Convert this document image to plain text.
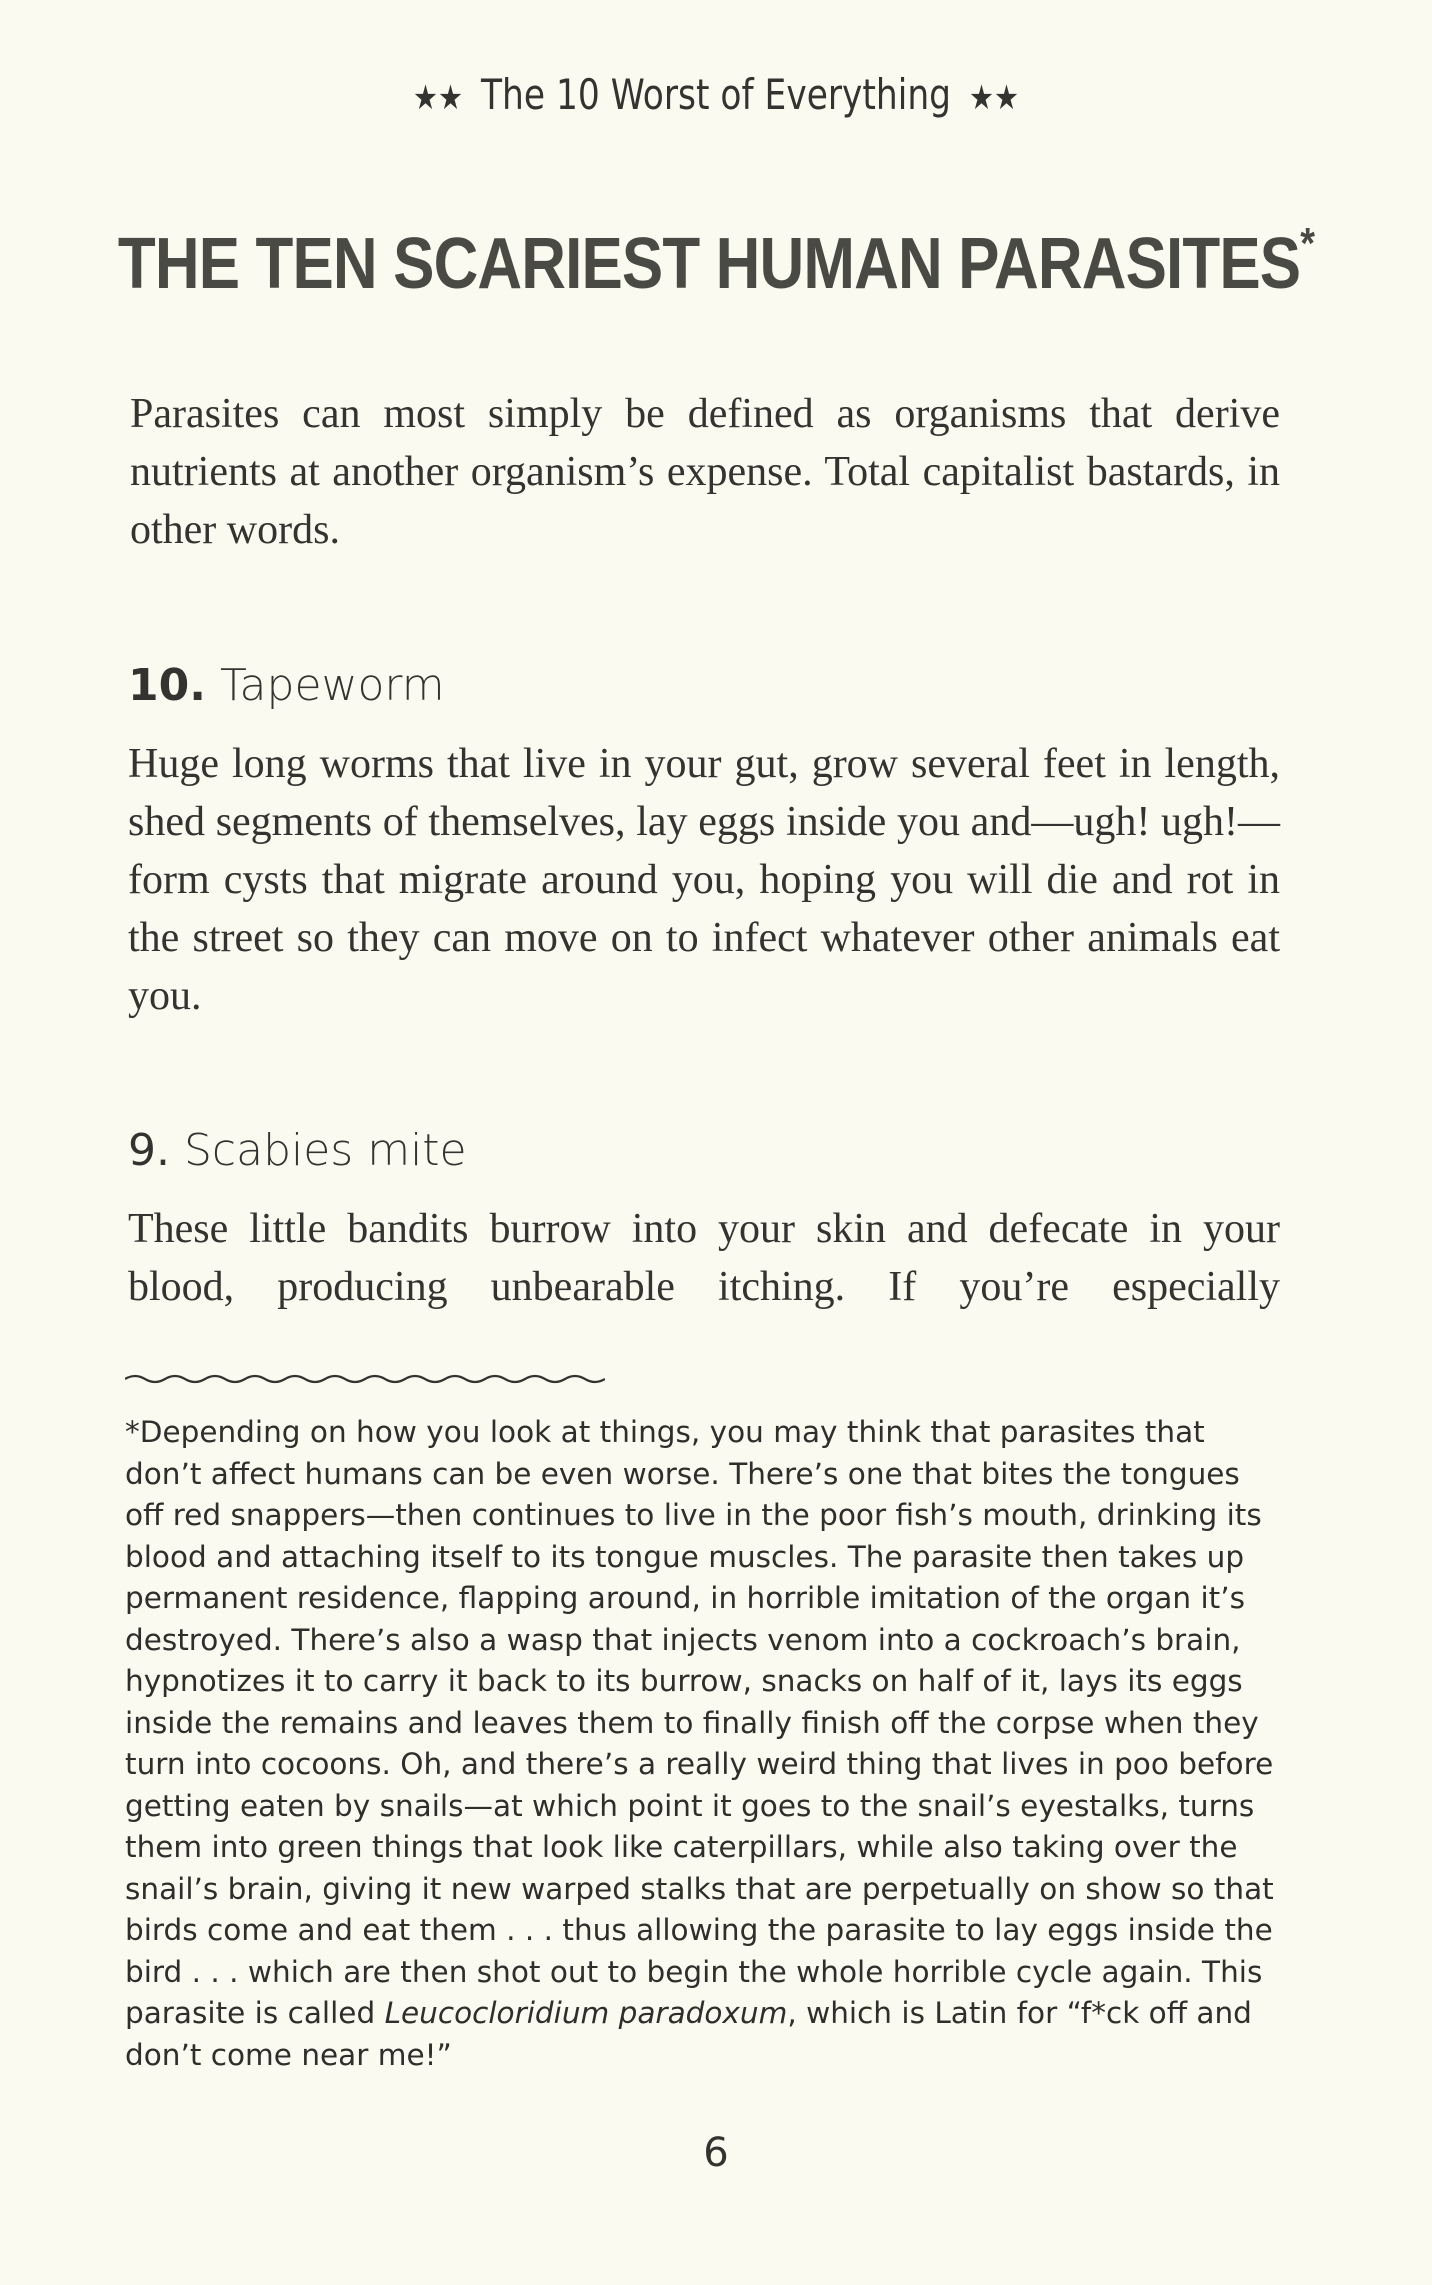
★★ The 10 Worst of Everything ★★
THE TEN SCARIEST HUMAN PARASITES*

Parasites can most simply be defined as organisms that derive nutrients at another organism’s expense. Total capitalist bastards, in other words.

10. Tapeworm

Huge long worms that live in your gut, grow several feet in length, shed segments of themselves, lay eggs inside you and—ugh! ugh!—form cysts that migrate around you, hoping you will die and rot in the street so they can move on to infect whatever other animals eat you.

9. Scabies mite

These little bandits burrow into your skin and defecate in your blood, producing unbearable itching. If you’re especially

*Depending on how you look at things, you may think that parasites that don’t affect humans can be even worse. There’s one that bites the tongues off red snappers—then continues to live in the poor fish’s mouth, drinking its blood and attaching itself to its tongue muscles. The parasite then takes up permanent residence, flapping around, in horrible imitation of the organ it’s destroyed. There’s also a wasp that injects venom into a cockroach’s brain, hypnotizes it to carry it back to its burrow, snacks on half of it, lays its eggs inside the remains and leaves them to finally finish off the corpse when they turn into cocoons. Oh, and there’s a really weird thing that lives in poo before getting eaten by snails—at which point it goes to the snail’s eyestalks, turns them into green things that look like caterpillars, while also taking over the snail’s brain, giving it new warped stalks that are perpetually on show so that birds come and eat them . . . thus allowing the parasite to lay eggs inside the bird . . . which are then shot out to begin the whole horrible cycle again. This parasite is called Leucocloridium paradoxum, which is Latin for “f*ck off and don’t come near me!”

6
